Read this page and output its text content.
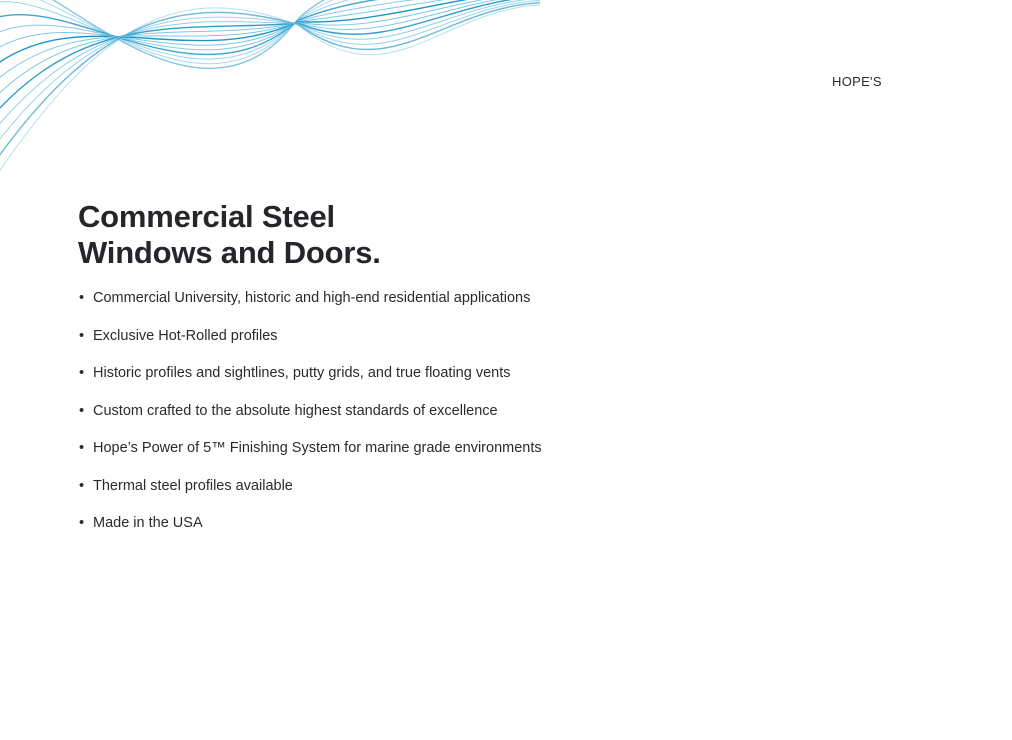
HOPE'S
Commercial Steel
Windows and Doors.
• Commercial University, historic and high-end residential applications
• Exclusive Hot-Rolled profiles
• Historic profiles and sightlines, putty grids, and true floating vents
• Custom crafted to the absolute highest standards of excellence
• Hope’s Power of 5™ Finishing System for marine grade environments
• Thermal steel profiles available
• Made in the USA
